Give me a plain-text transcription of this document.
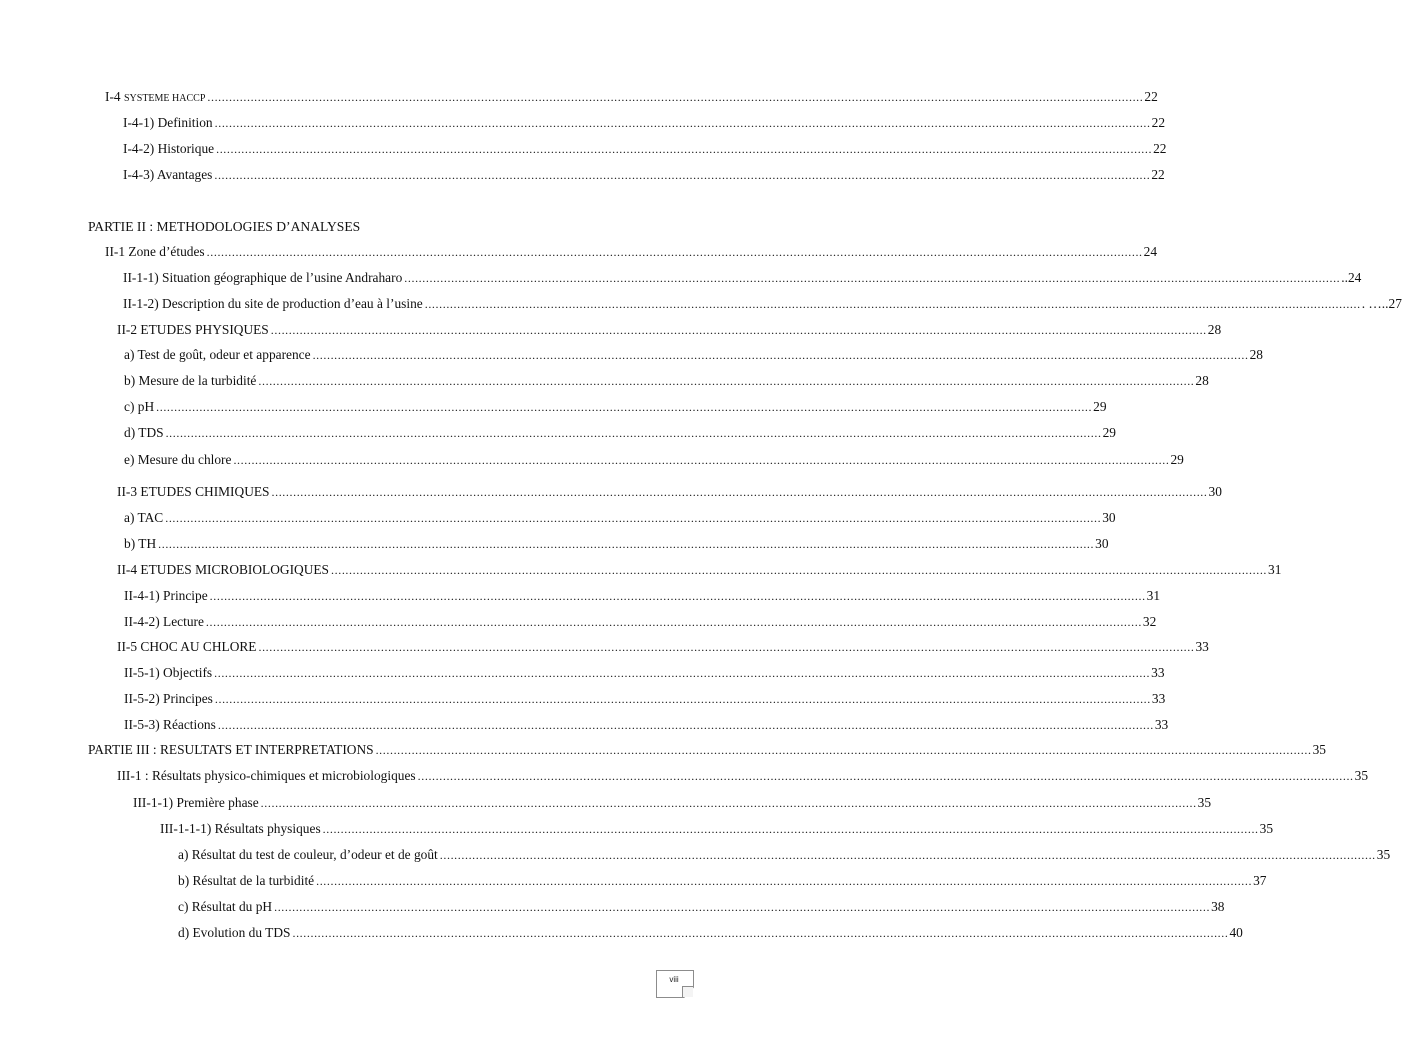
I-4 SYSTEME HACCP .................................................................................................................................................................................................................................................................... 22
I-4-1) Definition .................................................................................................................................................................................................................................................................... 22
I-4-2) Historique .................................................................................................................................................................................................................................................................... 22
I-4-3) Avantages .................................................................................................................................................................................................................................................................... 22
II-1 Zone d’études .................................................................................................................................................................................................................................................................... 24
II-1-1) Situation géographique de l’usine Andraharo .................................................................................................................................................................................................................................................................... ..24
II-1-2) Description du site de production d’eau à l’usine .................................................................................................................................................................................................................................................................... . …..27
II-2 ETUDES PHYSIQUES .................................................................................................................................................................................................................................................................... 28
a) Test de goût, odeur et apparence .................................................................................................................................................................................................................................................................... 28
b) Mesure de la turbidité .................................................................................................................................................................................................................................................................... 28
c) pH .................................................................................................................................................................................................................................................................... 29
d) TDS .................................................................................................................................................................................................................................................................... 29
e) Mesure du chlore .................................................................................................................................................................................................................................................................... 29
II-3 ETUDES CHIMIQUES .................................................................................................................................................................................................................................................................... 30
a) TAC .................................................................................................................................................................................................................................................................... 30
b) TH .................................................................................................................................................................................................................................................................... 30
II-4 ETUDES MICROBIOLOGIQUES .................................................................................................................................................................................................................................................................... 31
II-4-1) Principe .................................................................................................................................................................................................................................................................... 31
II-4-2) Lecture .................................................................................................................................................................................................................................................................... 32
II-5 CHOC AU CHLORE .................................................................................................................................................................................................................................................................... 33
II-5-1) Objectifs .................................................................................................................................................................................................................................................................... 33
II-5-2) Principes .................................................................................................................................................................................................................................................................... 33
II-5-3) Réactions .................................................................................................................................................................................................................................................................... 33
PARTIE III : RESULTATS ET INTERPRETATIONS .................................................................................................................................................................................................................................................................... 35
III-1 : Résultats physico-chimiques et microbiologiques .................................................................................................................................................................................................................................................................... 35
III-1-1) Première phase .................................................................................................................................................................................................................................................................... 35
III-1-1-1) Résultats physiques .................................................................................................................................................................................................................................................................... 35
a) Résultat du test de couleur, d’odeur et de goût .................................................................................................................................................................................................................................................................... 35
b) Résultat de la turbidité .................................................................................................................................................................................................................................................................... 37
c) Résultat du pH .................................................................................................................................................................................................................................................................... 38
d) Evolution du TDS .................................................................................................................................................................................................................................................................... 40
PARTIE II : METHODOLOGIES D’ANALYSES
viii
